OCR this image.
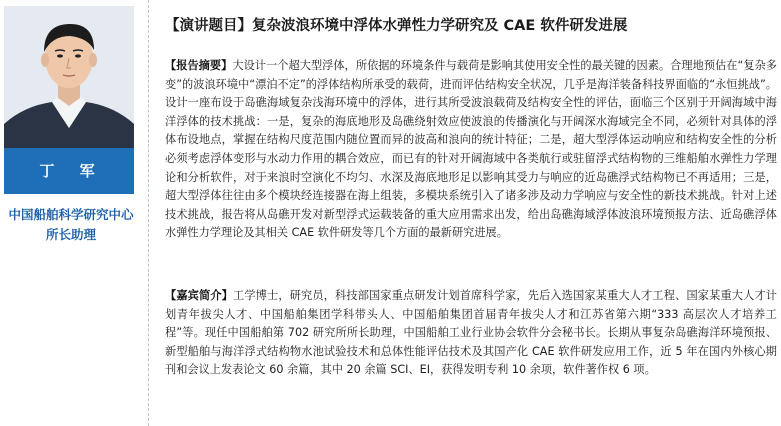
丁 军
中国船舶科学研究中心
所长助理
【演讲题目】复杂波浪环境中浮体水弹性力学研究及 CAE 软件研发进展
【报告摘要】大设计一个超大型浮体，所依据的环境条件与载荷是影响其使用安全性的最关键的因素。合理地预估在“复杂多变”的波浪环境中“漂泊不定”的浮体结构所承受的载荷，进而评估结构安全状况，几乎是海洋装备科技界面临的“永恒挑战”。设计一座布设于岛礁海域复杂浅海环境中的浮体，进行其所受波浪载荷及结构安全性的评估，面临三个区别于开阔海域中海洋浮体的技术挑战：一是，复杂的海底地形及岛礁绕射效应使波浪的传播演化与开阔深水海域完全不同，必须针对具体的浮体布设地点，掌握在结构尺度范围内随位置而异的波高和浪向的统计特征；二是，超大型浮体运动响应和结构安全性的分析必须考虑浮体变形与水动力作用的耦合效应，而已有的针对开阔海域中各类航行或驻留浮式结构物的三维船舶水弹性力学理论和分析软件，对于来浪时空演化不均匀、水深及海底地形足以影响其受力与响应的近岛礁浮式结构物已不再适用；三是，超大型浮体往往由多个模块经连接器在海上组装，多模块系统引入了诸多涉及动力学响应与安全性的新技术挑战。针对上述技术挑战，报告将从岛礁开发对新型浮式运载装备的重大应用需求出发，给出岛礁海域浮体波浪环境预报方法、近岛礁浮体水弹性力学理论及其相关 CAE 软件研发等几个方面的最新研究进展。
【嘉宾简介】工学博士，研究员，科技部国家重点研发计划首席科学家，先后入选国家某重大人才工程、国家某重大人才计划青年拔尖人才、中国船舶集团学科带头人、中国船舶集团首届青年拔尖人才和江苏省第六期“333 高层次人才培养工程”等。现任中国船舶第 702 研究所所长助理，中国船舶工业行业协会软件分会秘书长。长期从事复杂岛礁海洋环境预报、新型船舶与海洋浮式结构物水池试验技术和总体性能评估技术及其国产化 CAE 软件研发应用工作，近 5 年在国内外核心期刊和会议上发表论文 60 余篇，其中 20 余篇 SCI、EI，获得发明专利 10 余项，软件著作权 6 项。
